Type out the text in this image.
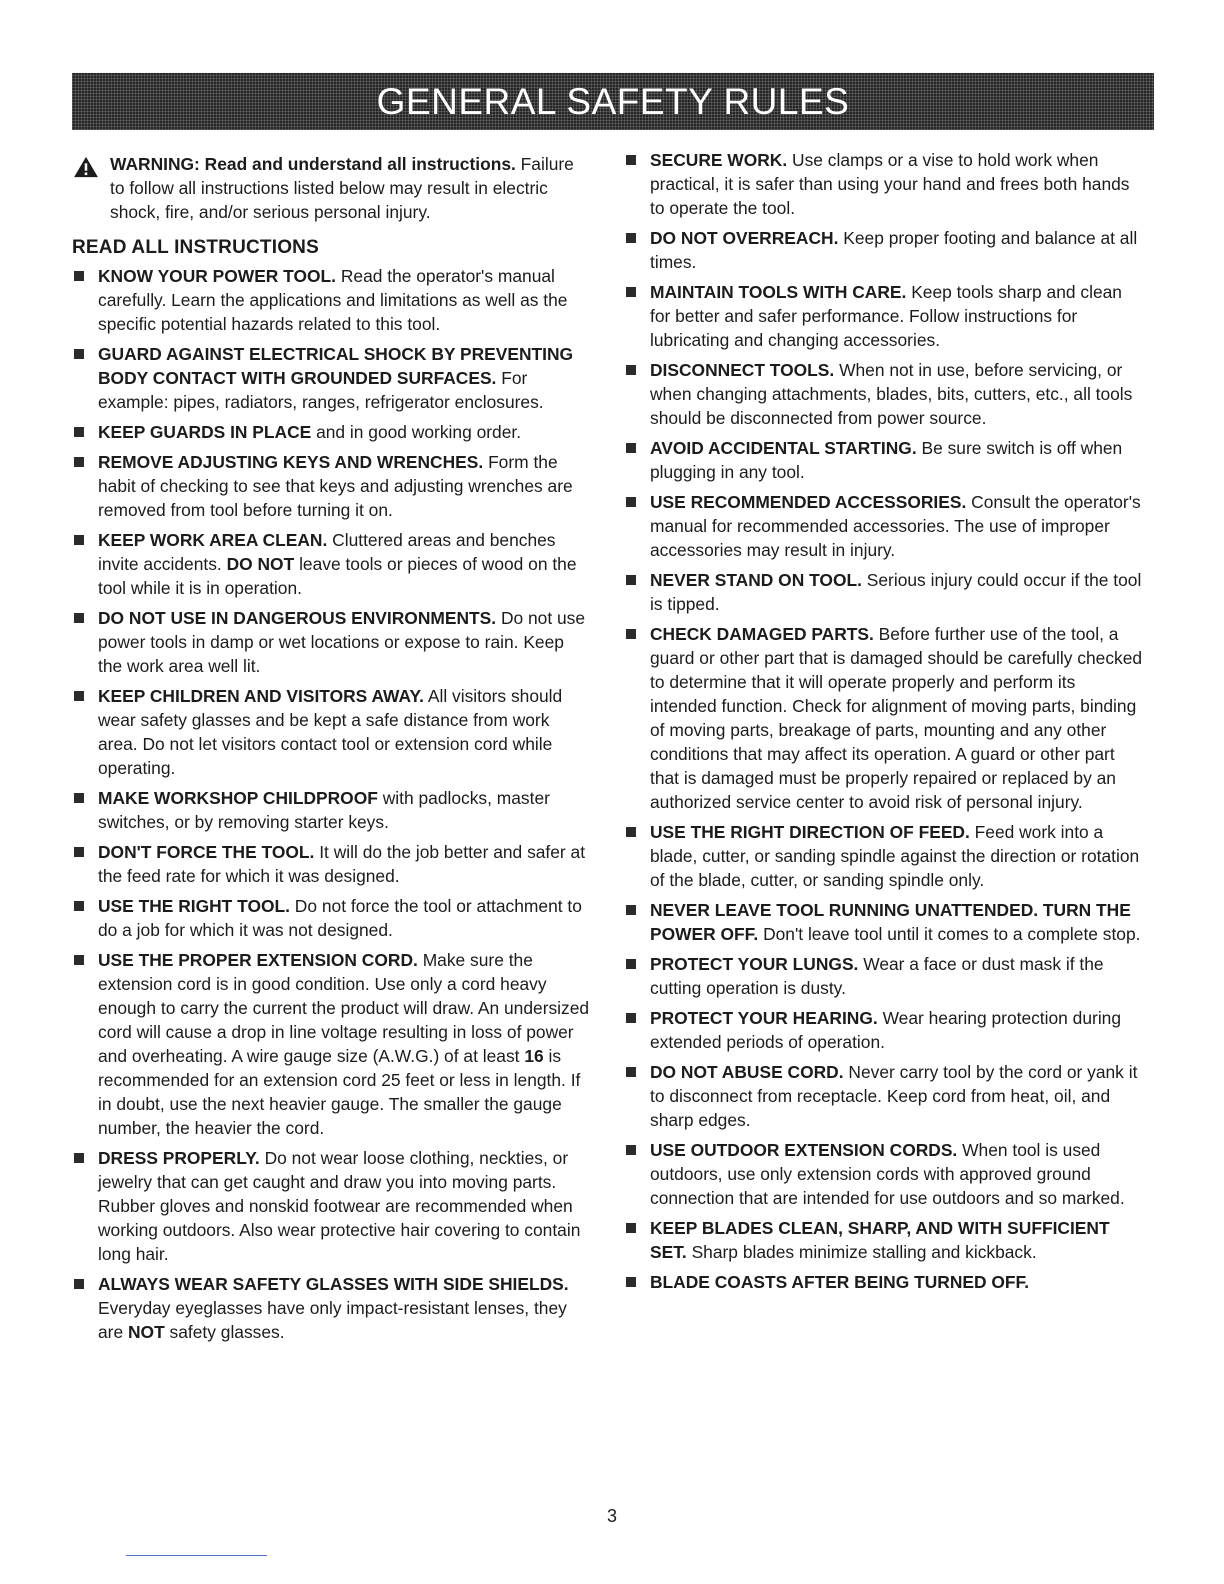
GENERAL SAFETY RULES
WARNING: Read and understand all instructions. Failure to follow all instructions listed below may result in electric shock, fire, and/or serious personal injury.
READ ALL INSTRUCTIONS
KNOW YOUR POWER TOOL. Read the operator's manual carefully. Learn the applications and limitations as well as the specific potential hazards related to this tool.
GUARD AGAINST ELECTRICAL SHOCK BY PREVENTING BODY CONTACT WITH GROUNDED SURFACES. For example: pipes, radiators, ranges, refrigerator enclosures.
KEEP GUARDS IN PLACE and in good working order.
REMOVE ADJUSTING KEYS AND WRENCHES. Form the habit of checking to see that keys and adjusting wrenches are removed from tool before turning it on.
KEEP WORK AREA CLEAN. Cluttered areas and benches invite accidents. DO NOT leave tools or pieces of wood on the tool while it is in operation.
DO NOT USE IN DANGEROUS ENVIRONMENTS. Do not use power tools in damp or wet locations or expose to rain. Keep the work area well lit.
KEEP CHILDREN AND VISITORS AWAY. All visitors should wear safety glasses and be kept a safe distance from work area. Do not let visitors contact tool or extension cord while operating.
MAKE WORKSHOP CHILDPROOF with padlocks, master switches, or by removing starter keys.
DON'T FORCE THE TOOL. It will do the job better and safer at the feed rate for which it was designed.
USE THE RIGHT TOOL. Do not force the tool or attachment to do a job for which it was not designed.
USE THE PROPER EXTENSION CORD. Make sure the extension cord is in good condition. Use only a cord heavy enough to carry the current the product will draw. An undersized cord will cause a drop in line voltage resulting in loss of power and overheating. A wire gauge size (A.W.G.) of at least 16 is recommended for an extension cord 25 feet or less in length. If in doubt, use the next heavier gauge. The smaller the gauge number, the heavier the cord.
DRESS PROPERLY. Do not wear loose clothing, neckties, or jewelry that can get caught and draw you into moving parts. Rubber gloves and nonskid footwear are recommended when working outdoors. Also wear protective hair covering to contain long hair.
ALWAYS WEAR SAFETY GLASSES WITH SIDE SHIELDS. Everyday eyeglasses have only impact-resistant lenses, they are NOT safety glasses.
SECURE WORK. Use clamps or a vise to hold work when practical, it is safer than using your hand and frees both hands to operate the tool.
DO NOT OVERREACH. Keep proper footing and balance at all times.
MAINTAIN TOOLS WITH CARE. Keep tools sharp and clean for better and safer performance. Follow instructions for lubricating and changing accessories.
DISCONNECT TOOLS. When not in use, before servicing, or when changing attachments, blades, bits, cutters, etc., all tools should be disconnected from power source.
AVOID ACCIDENTAL STARTING. Be sure switch is off when plugging in any tool.
USE RECOMMENDED ACCESSORIES. Consult the operator's manual for recommended accessories. The use of improper accessories may result in injury.
NEVER STAND ON TOOL. Serious injury could occur if the tool is tipped.
CHECK DAMAGED PARTS. Before further use of the tool, a guard or other part that is damaged should be carefully checked to determine that it will operate properly and perform its intended function. Check for alignment of moving parts, binding of moving parts, breakage of parts, mounting and any other conditions that may affect its operation. A guard or other part that is damaged must be properly repaired or replaced by an authorized service center to avoid risk of personal injury.
USE THE RIGHT DIRECTION OF FEED. Feed work into a blade, cutter, or sanding spindle against the direction or rotation of the blade, cutter, or sanding spindle only.
NEVER LEAVE TOOL RUNNING UNATTENDED. TURN THE POWER OFF. Don't leave tool until it comes to a complete stop.
PROTECT YOUR LUNGS. Wear a face or dust mask if the cutting operation is dusty.
PROTECT YOUR HEARING. Wear hearing protection during extended periods of operation.
DO NOT ABUSE CORD. Never carry tool by the cord or yank it to disconnect from receptacle. Keep cord from heat, oil, and sharp edges.
USE OUTDOOR EXTENSION CORDS. When tool is used outdoors, use only extension cords with approved ground connection that are intended for use outdoors and so marked.
KEEP BLADES CLEAN, SHARP, AND WITH SUFFICIENT SET. Sharp blades minimize stalling and kickback.
BLADE COASTS AFTER BEING TURNED OFF.
3
